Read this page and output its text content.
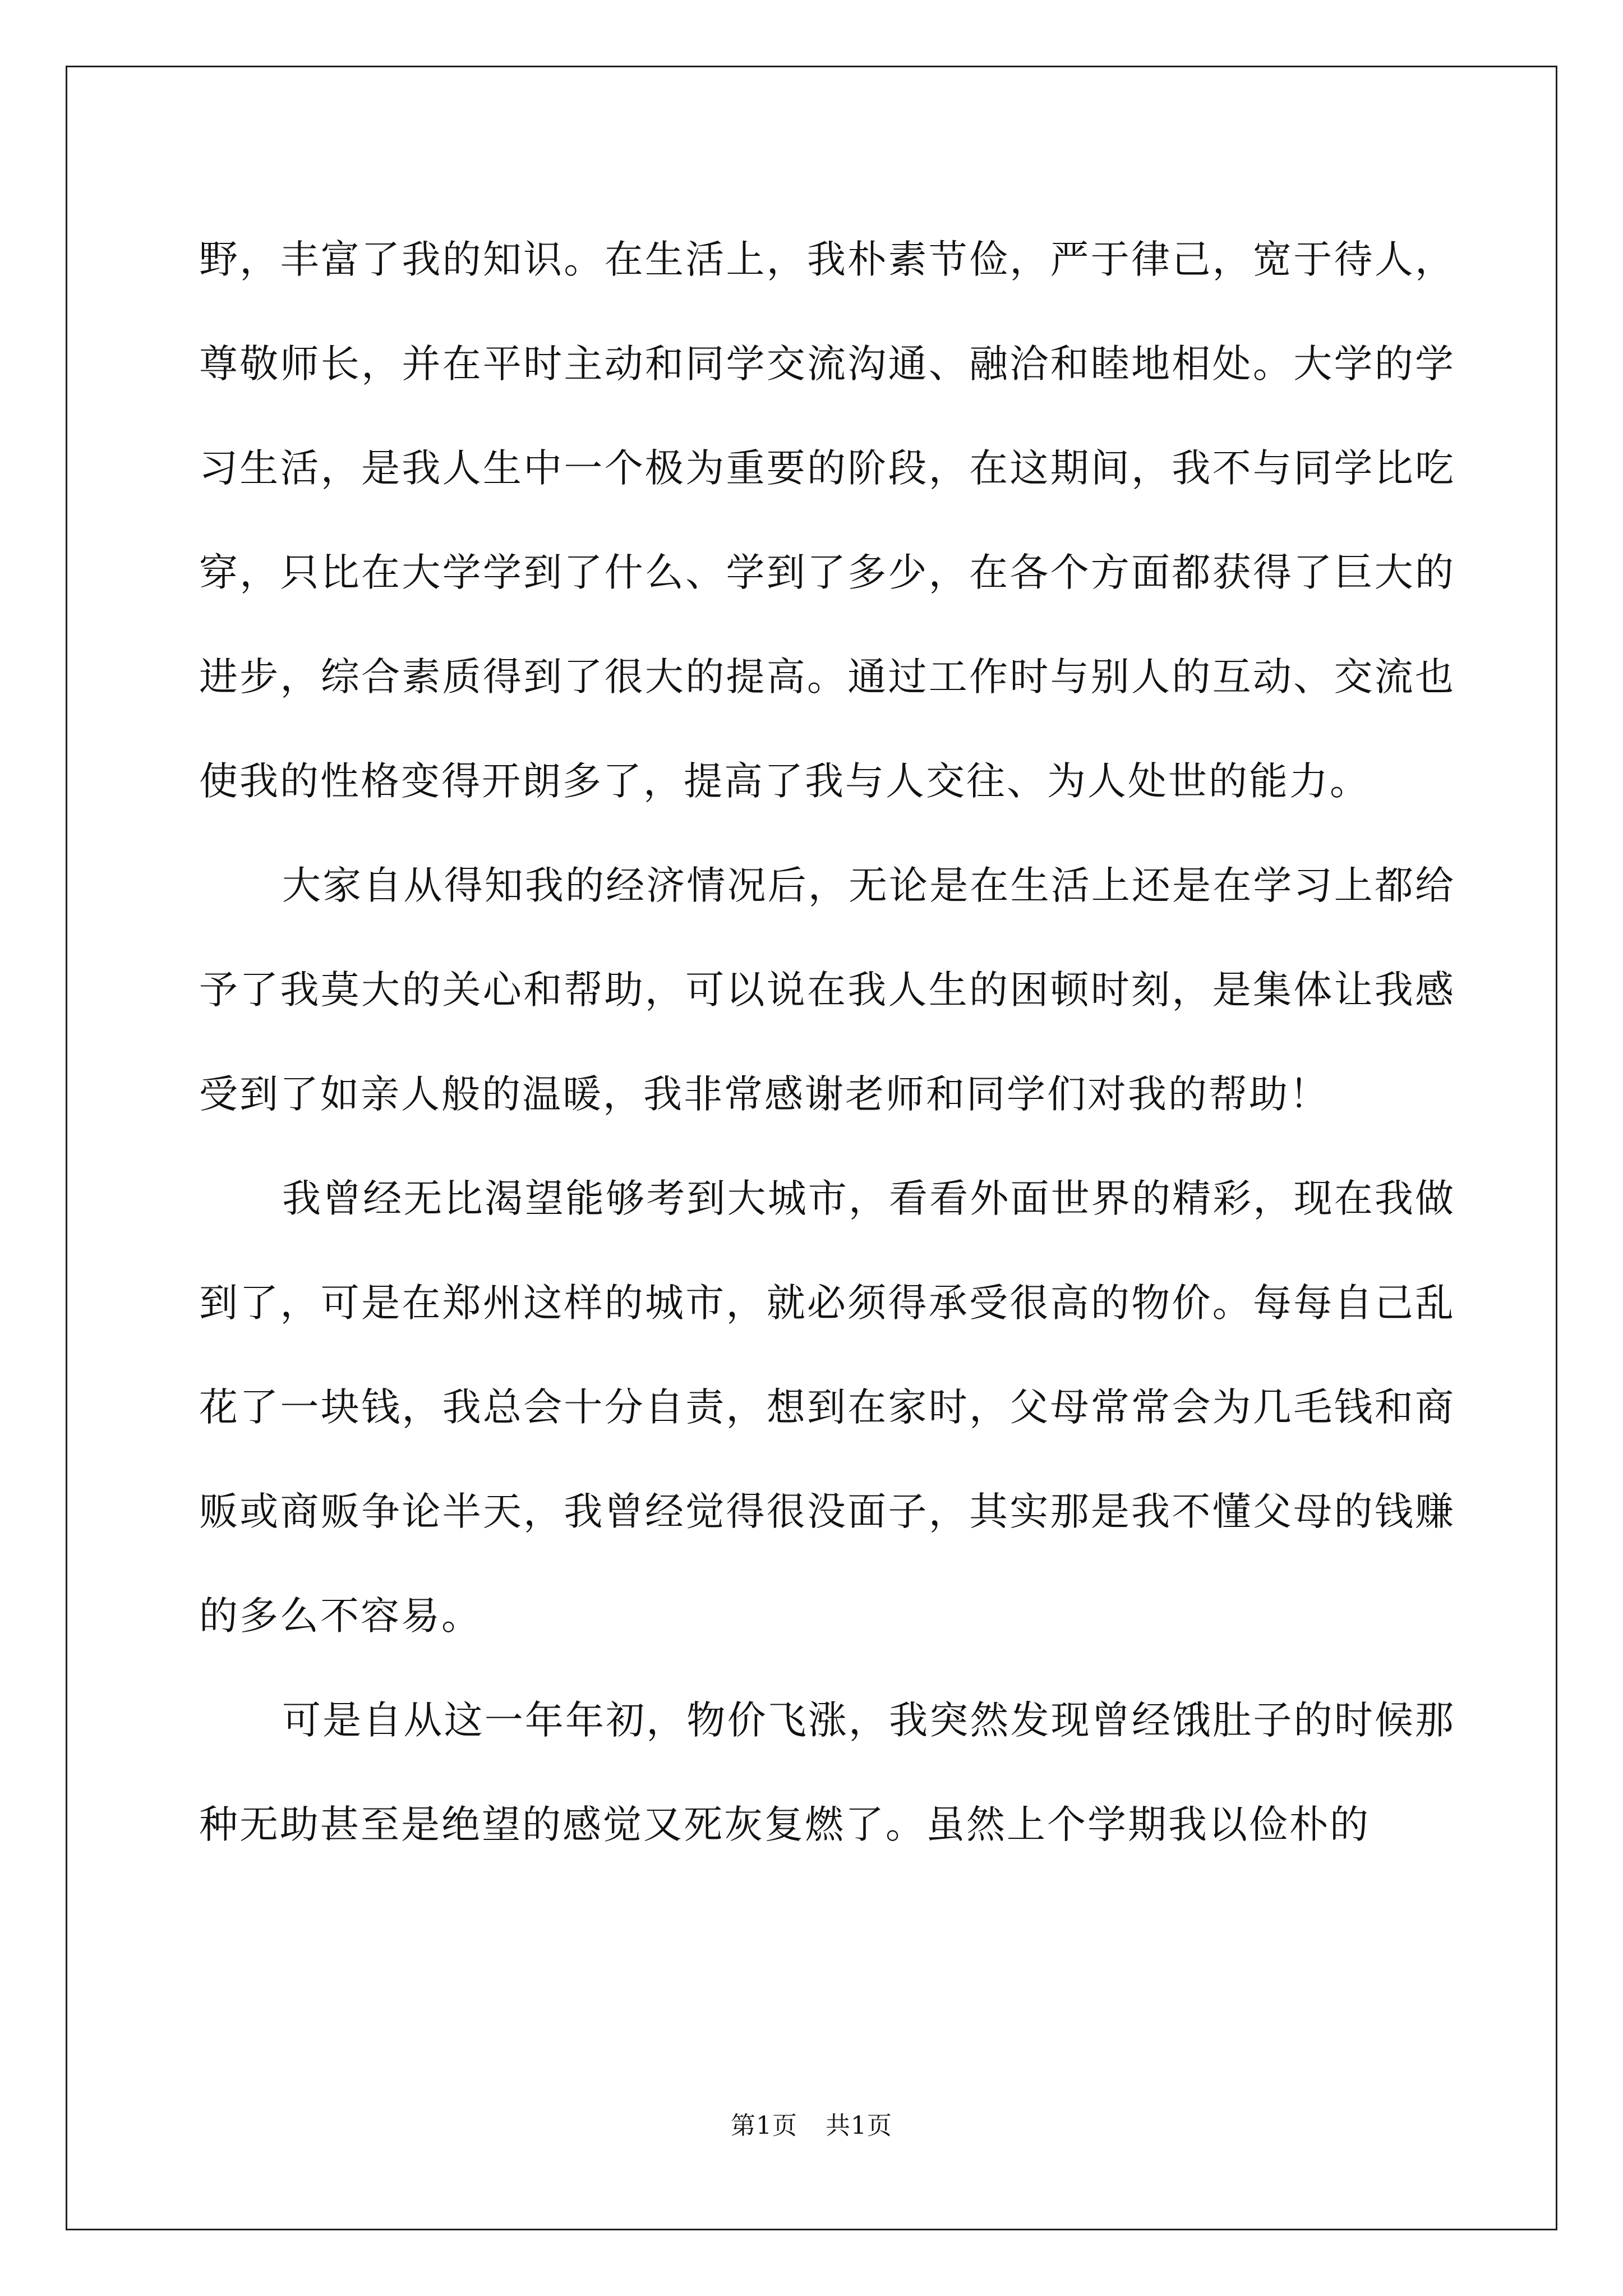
野，丰富了我的知识。在生活上，我朴素节俭，严于律己，宽于待人，尊敬师长，并在平时主动和同学交流沟通、融洽和睦地相处。大学的学习生活，是我人生中一个极为重要的阶段，在这期间，我不与同学比吃穿，只比在大学学到了什么、学到了多少，在各个方面都获得了巨大的进步，综合素质得到了很大的提高。通过工作时与别人的互动、交流也使我的性格变得开朗多了，提高了我与人交往、为人处世的能力。

大家自从得知我的经济情况后，无论是在生活上还是在学习上都给予了我莫大的关心和帮助，可以说在我人生的困顿时刻，是集体让我感受到了如亲人般的温暖，我非常感谢老师和同学们对我的帮助！

我曾经无比渴望能够考到大城市，看看外面世界的精彩，现在我做到了，可是在郑州这样的城市，就必须得承受很高的物价。每每自己乱花了一块钱，我总会十分自责，想到在家时，父母常常会为几毛钱和商贩或商贩争论半天，我曾经觉得很没面子，其实那是我不懂父母的钱赚的多么不容易。

可是自从这一年年初，物价飞涨，我突然发现曾经饿肚子的时候那种无助甚至是绝望的感觉又死灰复燃了。虽然上个学期我以俭朴的

第1页 共1页
